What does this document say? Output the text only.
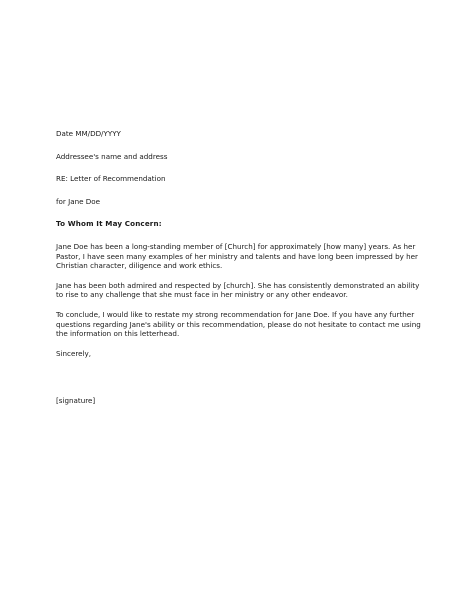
Date MM/DD/YYYY

Addressee's name and address

RE: Letter of Recommendation

for Jane Doe

To Whom It May Concern:

Jane Doe has been a long-standing member of [Church] for approximately [how many] years. As her
Pastor, I have seen many examples of her ministry and talents and have long been impressed by her
Christian character, diligence and work ethics.
Jane has been both admired and respected by [church]. She has consistently demonstrated an ability
to rise to any challenge that she must face in her ministry or any other endeavor.
To conclude, I would like to restate my strong recommendation for Jane Doe. If you have any further
questions regarding Jane's ability or this recommendation, please do not hesitate to contact me using
the information on this letterhead.

Sincerely,

[signature]
